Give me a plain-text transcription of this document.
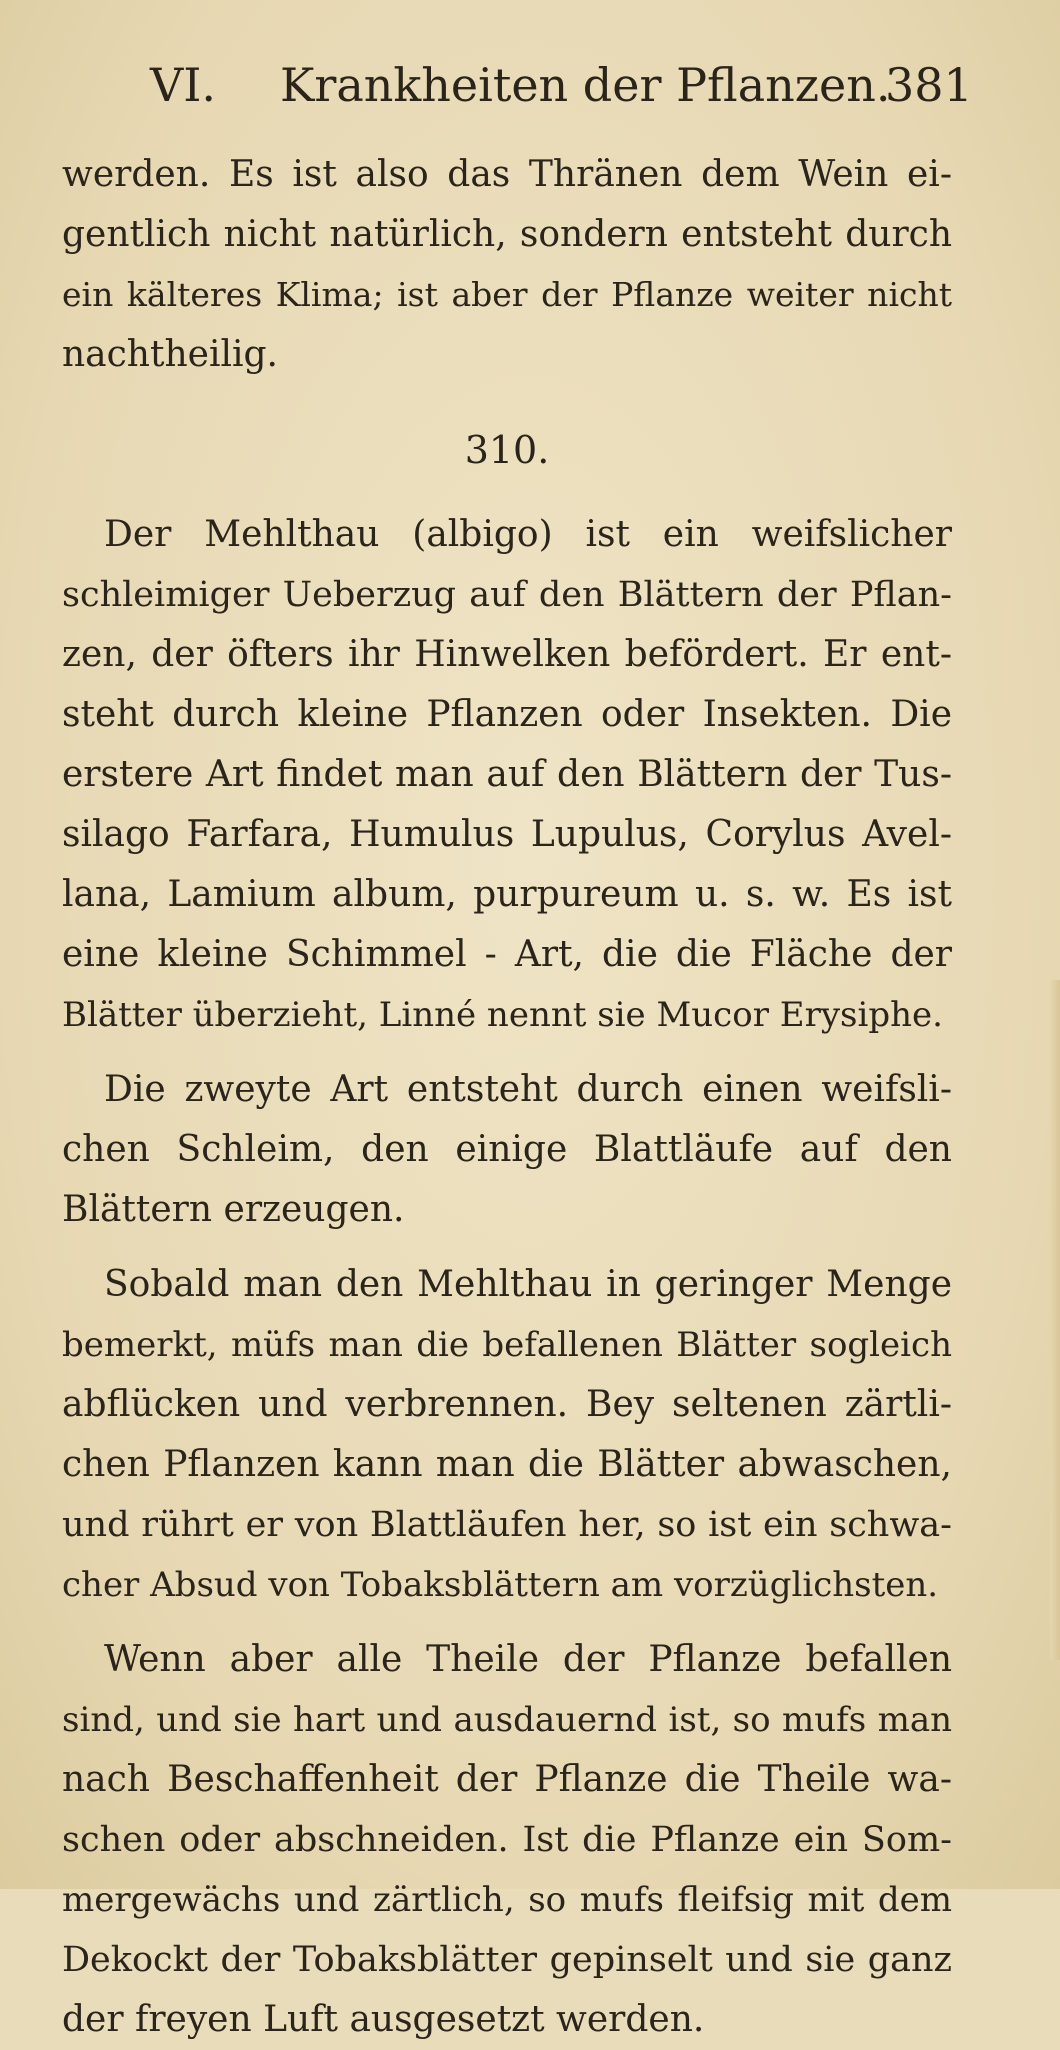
VI. Krankheiten der Pflanzen.
381
werden. Es ist also das Thränen dem Wein ei-
gentlich nicht natürlich, sondern entsteht durch
ein kälteres Klima; ist aber der Pflanze weiter nicht
nachtheilig.
310.
Der Mehlthau (albigo) ist ein weifslicher
schleimiger Ueberzug auf den Blättern der Pflan-
zen, der öfters ihr Hinwelken befördert. Er ent-
steht durch kleine Pflanzen oder Insekten. Die
erstere Art findet man auf den Blättern der Tus-
silago Farfara, Humulus Lupulus, Corylus Avel-
lana, Lamium album, purpureum u. s. w. Es ist
eine kleine Schimmel - Art, die die Fläche der
Blätter überzieht, Linné nennt sie Mucor Erysiphe.
Die zweyte Art entsteht durch einen weifsli-
chen Schleim, den einige Blattläufe auf den
Blättern erzeugen.
Sobald man den Mehlthau in geringer Menge
bemerkt, müfs man die befallenen Blätter sogleich
abflücken und verbrennen. Bey seltenen zärtli-
chen Pflanzen kann man die Blätter abwaschen,
und rührt er von Blattläufen her, so ist ein schwa-
cher Absud von Tobaksblättern am vorzüglichsten.
Wenn aber alle Theile der Pflanze befallen
sind, und sie hart und ausdauernd ist, so mufs man
nach Beschaffenheit der Pflanze die Theile wa-
schen oder abschneiden. Ist die Pflanze ein Som-
mergewächs und zärtlich, so mufs fleifsig mit dem
Dekockt der Tobaksblätter gepinselt und sie ganz
der freyen Luft ausgesetzt werden.
